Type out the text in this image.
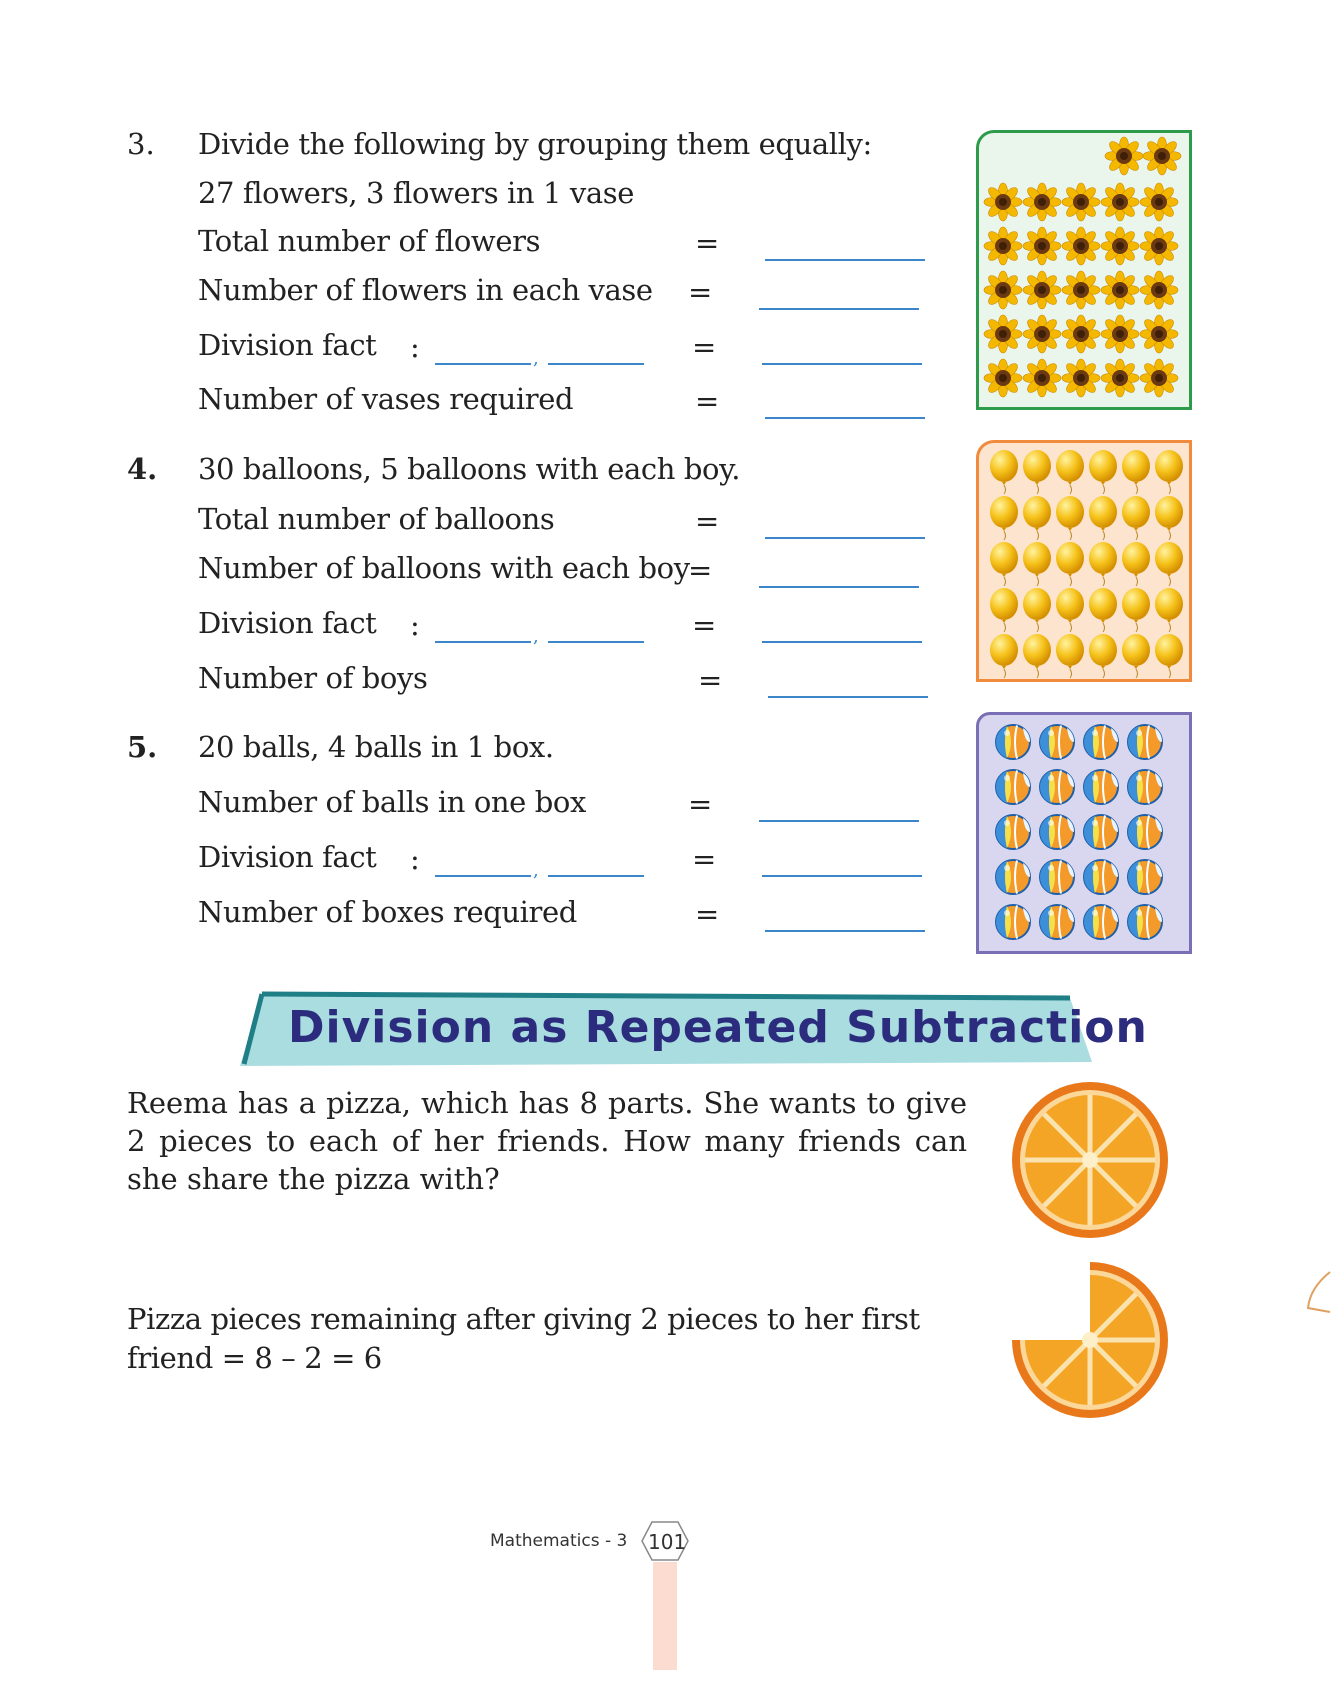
3. Divide the following by grouping them equally:
27 flowers, 3 flowers in 1 vase
Total number of flowers	=
Number of flowers in each vase =
Division fact :	,	=
Number of vases required	=
4. 30 balloons, 5 balloons with each boy.
Total number of balloons	=
Number of balloons with each boy
=
Division fact :	,	=
Number of boys	=
5. 20 balls, 4 balls in 1 box.
Number of balls in one box	=
Division fact :	,	=
Number of boxes required	=
Division as Repeated Subtraction
Reema has a pizza, which has 8 parts. She wants to give 2 pieces to each of her friends. How many friends can she share the pizza with?
Pizza pieces remaining after giving 2 pieces to her first
friend = 8 – 2 = 6
Mathematics - 3 101
